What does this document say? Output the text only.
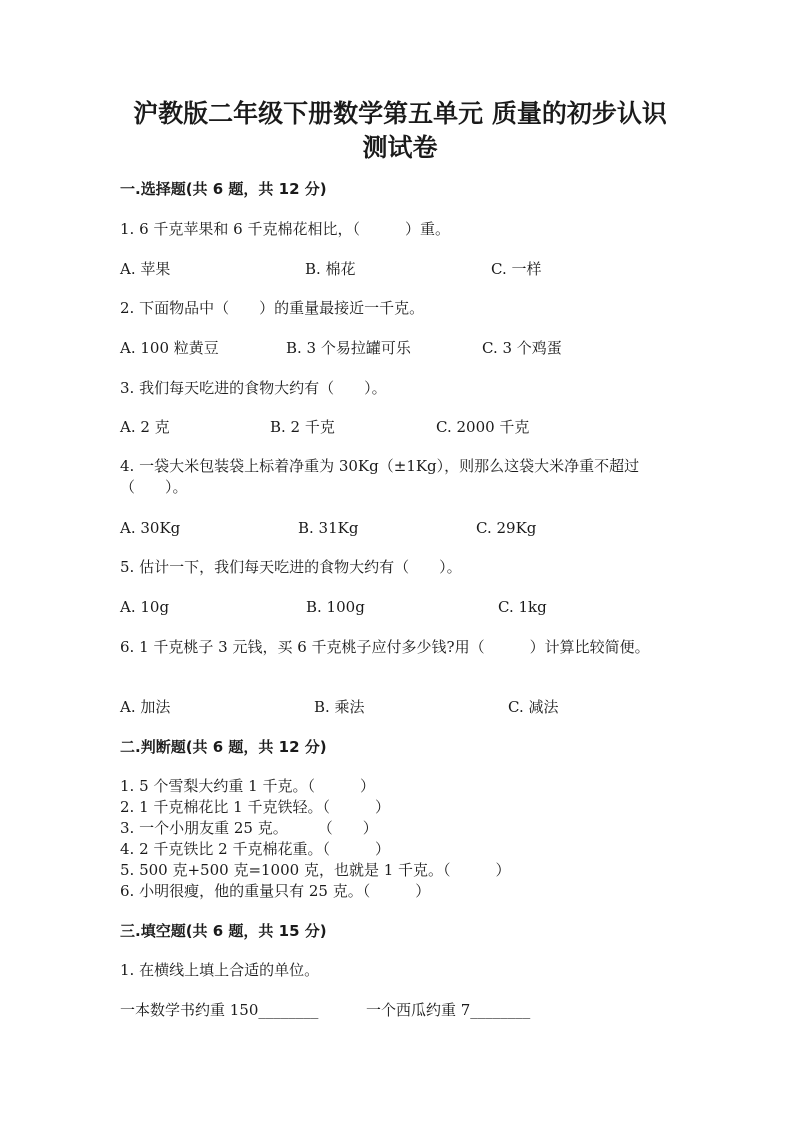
沪教版二年级下册数学第五单元 质量的初步认识
测试卷
一.选择题(共 6 题，共 12 分)
1. 6 千克苹果和 6 千克棉花相比，（　　　）重。
A. 苹果	B. 棉花	C. 一样
2. 下面物品中（　　）的重量最接近一千克。
A. 100 粒黄豆	B. 3 个易拉罐可乐	C. 3 个鸡蛋
3. 我们每天吃进的食物大约有（　　）。
A. 2 克	B. 2 千克	C. 2000 千克
4. 一袋大米包装袋上标着净重为 30Kg（±1Kg），则那么这袋大米净重不超过（　　）。
A. 30Kg	B. 31Kg	C. 29Kg
5. 估计一下，我们每天吃进的食物大约有（　　）。
A. 10g	B. 100g	C. 1kg
6. 1 千克桃子 3 元钱，买 6 千克桃子应付多少钱?用（　　　）计算比较简便。
A. 加法	B. 乘法	C. 减法
二.判断题(共 6 题，共 12 分)
1. 5 个雪梨大约重 1 千克。（　　　）
2. 1 千克棉花比 1 千克铁轻。（　　　）
3. 一个小朋友重 25 克。　　　（　　）
4. 2 千克铁比 2 千克棉花重。（　　　）
5. 500 克+500 克=1000 克，也就是 1 千克。（　　　）
6. 小明很瘦，他的重量只有 25 克。（　　　）
三.填空题(共 6 题，共 15 分)
1. 在横线上填上合适的单位。
一本数学书约重 150________	一个西瓜约重 7________
